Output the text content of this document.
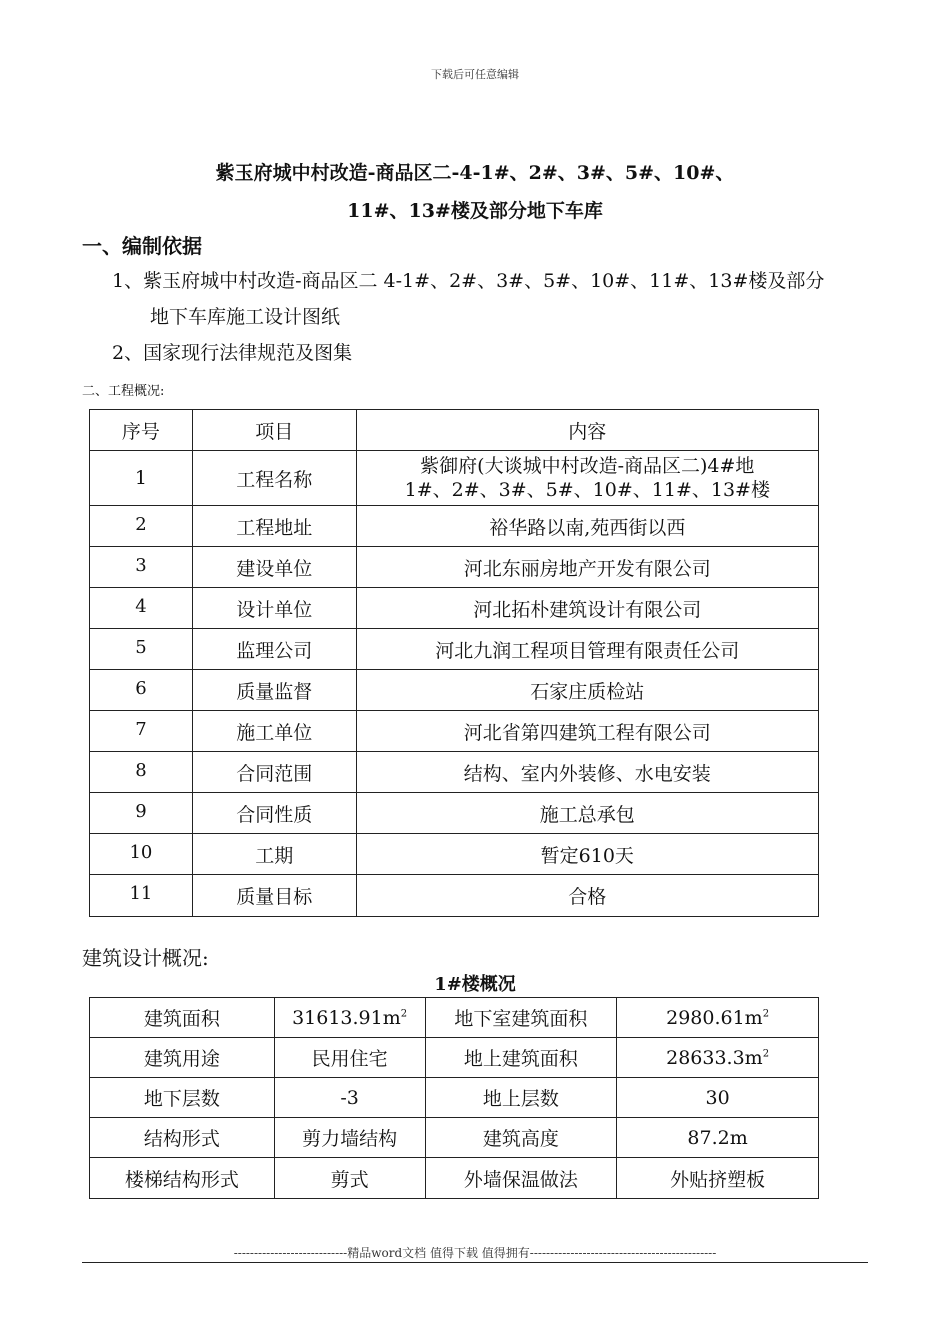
下载后可任意编辑
紫玉府城中村改造-商品区二-4-1#、2#、3#、5#、10#、
11#、13#楼及部分地下车库
一、编制依据
1、紫玉府城中村改造-商品区二 4-1#、2#、3#、5#、10#、11#、13#楼及部分
地下车库施工设计图纸
2、国家现行法律规范及图集
二、工程概况:
序号	项目	内容
1	工程名称	紫御府(大谈城中村改造-商品区二)4#地
1#、2#、3#、5#、10#、11#、13#楼

2	工程地址	裕华路以南,苑西街以西
3	建设单位	河北东丽房地产开发有限公司
4	设计单位	河北拓朴建筑设计有限公司
5	监理公司	河北九润工程项目管理有限责任公司
6	质量监督	石家庄质检站
7	施工单位	河北省第四建筑工程有限公司
8	合同范围	结构、室内外装修、水电安装
9	合同性质	施工总承包
10	工期	暂定610天
11	质量目标	合格
建筑设计概况:
1#楼概况
建筑面积	$31613.91m^2$	地下室建筑面积	$2980.61m^2$
建筑用途	民用住宅	地上建筑面积	$28633.3m^2$
地下层数	-3	地上层数	30
结构形式	剪力墙结构	建筑高度	87.2m
楼梯结构形式	剪式	外墙保温做法	外贴挤塑板
----------------------------精品word文档 值得下载 值得拥有----------------------------------------------
